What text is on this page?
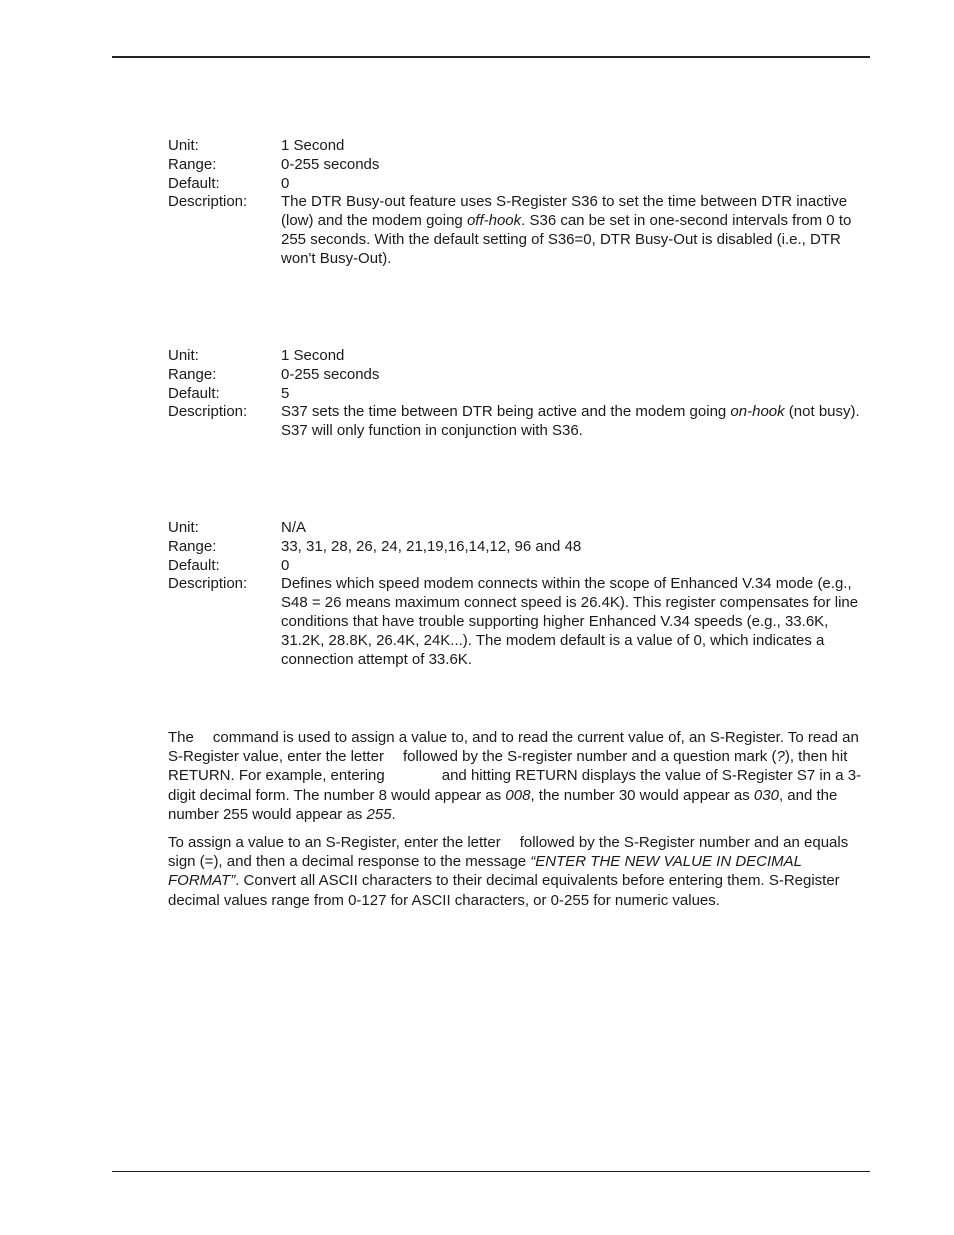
Unit:	1 Second
Range:	0-255 seconds
Default:	0
Description:	The DTR Busy-out feature uses S-Register S36 to set the time between DTR inactive (low) and the modem going off-hook. S36 can be set in one-second intervals from 0 to 255 seconds. With the default setting of S36=0, DTR Busy-Out is disabled (i.e., DTR won't Busy-Out).
Unit:	1 Second
Range:	0-255 seconds
Default:	5
Description:	S37 sets the time between DTR being active and the modem going on-hook (not busy). S37 will only function in conjunction with S36.
Unit:	N/A
Range:	33, 31, 28, 26, 24, 21,19,16,14,12, 96 and 48
Default:	0
Description:	Defines which speed modem connects within the scope of Enhanced V.34 mode (e.g., S48 = 26 means maximum connect speed is 26.4K). This register compensates for line conditions that have trouble supporting higher Enhanced V.34 speeds (e.g., 33.6K, 31.2K, 28.8K, 26.4K, 24K...). The modem default is a value of 0, which indicates a connection attempt of 33.6K.

The command is used to assign a value to, and to read the current value of, an S-Register. To read an S-Register value, enter the letter followed by the S-register number and a question mark (?), then hit RETURN. For example, entering	and hitting RETURN displays the value of S-Register S7 in a 3-digit decimal form. The number 8 would appear as 008, the number 30 would appear as 030, and the number 255 would appear as 255.

To assign a value to an S-Register, enter the letter followed by the S-Register number and an equals sign (=), and then a decimal response to the message “ENTER THE NEW VALUE IN DECIMAL FORMAT”. Convert all ASCII characters to their decimal equivalents before entering them. S-Register decimal values range from 0-127 for ASCII characters, or 0-255 for numeric values.
